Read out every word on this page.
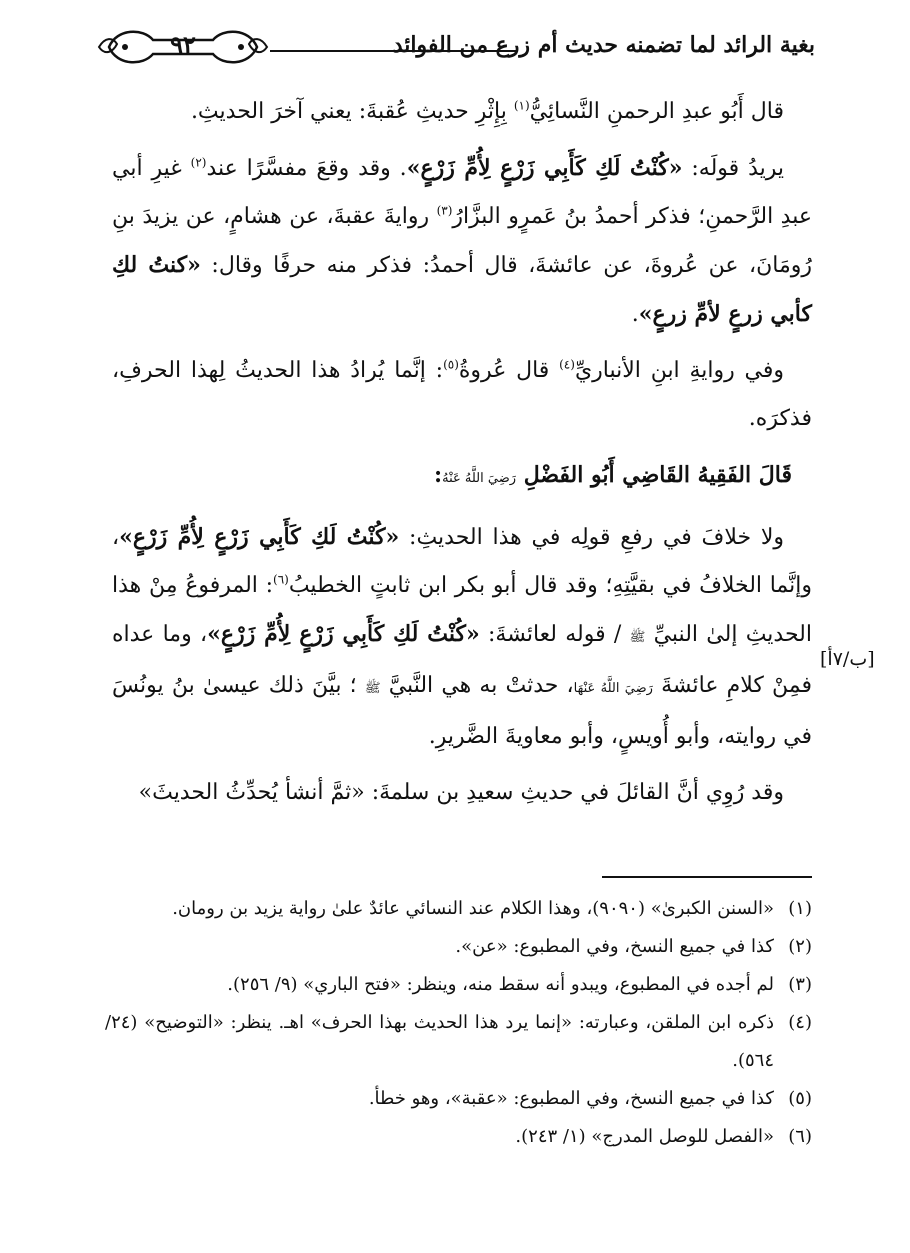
٩٢	بغية الرائد لما تضمنه حديث أم زرع من الفوائد
[ب/٧أ]

قال أَبُو عبدِ الرحمنِ النَّسائِيُّ$^{(١)}$ بِإِثْرِ حديثِ عُقبةَ: يعني آخرَ الحديثِ.

يريدُ قولَه: «كُنْتُ لَكِ كَأَبِي زَرْعٍ لِأُمِّ زَرْعٍ». وقد وقعَ مفسَّرًا عند$^{(٢)}$ غيرِ أبي عبدِ الرَّحمنِ؛ فذكر أحمدُ بنُ عَمرٍو البزَّارُ$^{(٣)}$ روايةَ عقبةَ، عن هشامٍ، عن يزيدَ بنِ رُومَانَ، عن عُروةَ، عن عائشةَ، قال أحمدُ: فذكر منه حرفًا وقال: «كنتُ لكِ كأبي زرعٍ لأمِّ زرعٍ».

وفي روايةِ ابنِ الأنباريِّ$^{(٤)}$ قال عُروةُ$^{(٥)}$: إنَّما يُرادُ هذا الحديثُ لِهذا الحرفِ، فذكرَه.

قَالَ الفَقِيهُ القَاضِي أَبُو الفَضْلِ رَضِيَ اللَّهُ عَنْهُ:

ولا خلافَ في رفعِ قولِه في هذا الحديثِ: «كُنْتُ لَكِ كَأَبِي زَرْعٍ لِأُمِّ زَرْعٍ»، وإنَّما الخلافُ في بقيَّتِهِ؛ وقد قال أبو بكر ابن ثابتٍ الخطيبُ$^{(٦)}$: المرفوعُ مِنْ هذا الحديثِ إلىٰ النبيِّ ﷺ / قوله لعائشةَ: «كُنْتُ لَكِ كَأَبِي زَرْعٍ لِأُمِّ زَرْعٍ»، وما عداه فمِنْ كلامِ عائشةَ رَضِيَ اللَّهُ عَنْهَا، حدثتْ به هي النَّبيَّ ﷺ ؛ بيَّنَ ذلك عيسىٰ بنُ يونُسَ في روايته، وأبو أُويسٍ، وأبو معاويةَ الضَّريرِ.

وقد رُوِي أنَّ القائلَ في حديثِ سعيدِ بن سلمةَ: «ثمَّ أنشأ يُحدِّثُ الحديثَ»

(١)
«السنن الكبرىٰ» (٩٠٩٠)، وهذا الكلام عند النسائي عائدٌ علىٰ رواية يزيد بن رومان.

(٢)
كذا في جميع النسخ، وفي المطبوع: «عن».

(٣)
لم أجده في المطبوع، ويبدو أنه سقط منه، وينظر: «فتح الباري» (٩/ ٢٥٦).

(٤)
ذكره ابن الملقن، وعبارته: «إنما يرد هذا الحديث بهذا الحرف» اهـ. ينظر: «التوضيح» (٢٤/ ٥٦٤).

(٥)
كذا في جميع النسخ، وفي المطبوع: «عقبة»، وهو خطأ.

(٦)
«الفصل للوصل المدرج» (١/ ٢٤٣).
